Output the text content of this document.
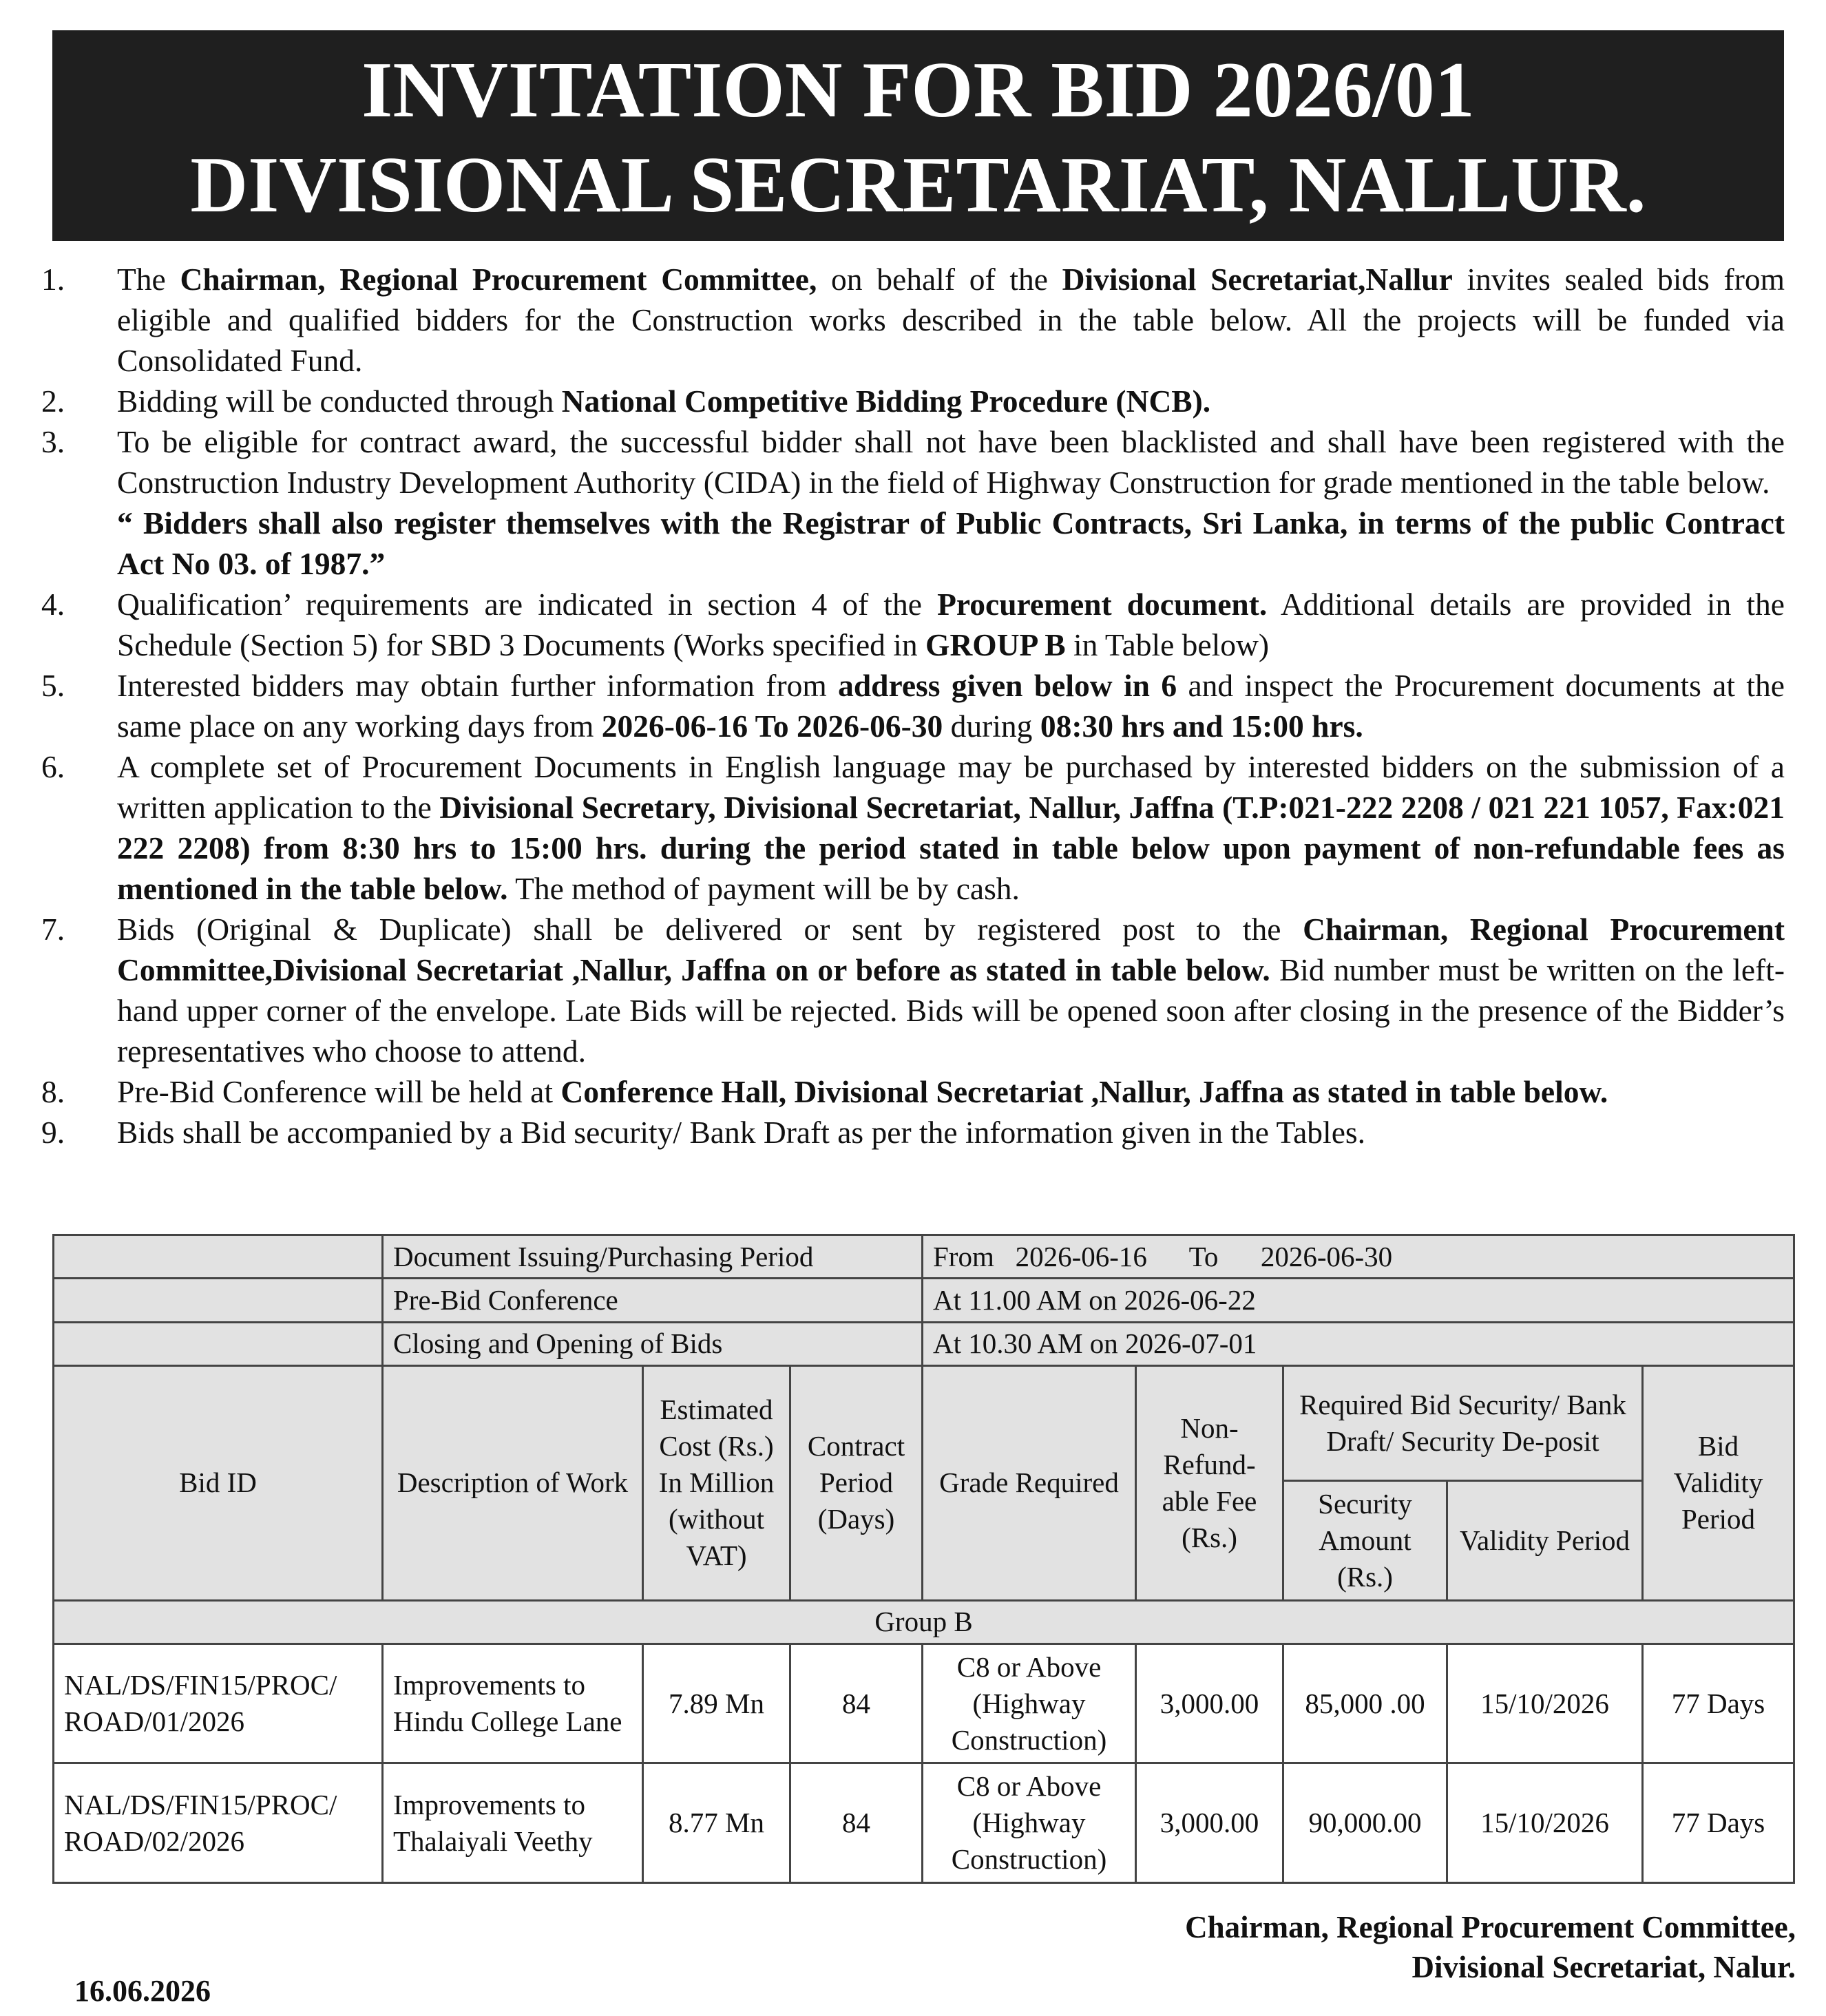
INVITATION FOR BID 2026/01
DIVISIONAL SECRETARIAT, NALLUR.
1.	The Chairman, Regional Procurement Committee, on behalf of the Divisional Secretariat,Nallur invites sealed bids from eligible and qualified bidders for the Construction works described in the table below. All the projects will be funded via Consolidated Fund.
2.	Bidding will be conducted through National Competitive Bidding Procedure (NCB).
3.	To be eligible for contract award, the successful bidder shall not have been blacklisted and shall have been registered with the Construction Industry Development Authority (CIDA) in the field of Highway Construction for grade mentioned in the table below.
“ Bidders shall also register themselves with the Registrar of Public Contracts, Sri Lanka, in terms of the public Contract Act No 03. of 1987.”
4.	Qualification’ requirements are indicated in section 4 of the Procurement document. Additional details are provided in the Schedule (Section 5) for SBD 3 Documents (Works specified in GROUP B in Table below)
5.	Interested bidders may obtain further information from address given below in 6 and inspect the Procurement documents at the same place on any working days from 2026-06-16 To 2026-06-30 during 08:30 hrs and 15:00 hrs.
6.	A complete set of Procurement Documents in English language may be purchased by interested bidders on the submission of a written application to the Divisional Secretary, Divisional Secretariat, Nallur, Jaffna (T.P:021-222 2208 / 021 221 1057, Fax:021 222 2208) from 8:30 hrs to 15:00 hrs. during the period stated in table below upon payment of non-refundable fees as mentioned in the table below. The method of payment will be by cash.
7.	Bids (Original & Duplicate) shall be delivered or sent by registered post to the Chairman, Regional Procurement Committee,Divisional Secretariat ,Nallur, Jaffna on or before as stated in table below. Bid number must be written on the left-hand upper corner of the envelope. Late Bids will be rejected. Bids will be opened soon after closing in the presence of the Bidder’s representatives who choose to attend.
8.	Pre-Bid Conference will be held at Conference Hall, Divisional Secretariat ,Nallur, Jaffna as stated in table below.
9.	Bids shall be accompanied by a Bid security/ Bank Draft as per the information given in the Tables.
	Document Issuing/Purchasing Period			From   2026-06-16      To      2026-06-30				
	Pre-Bid Conference			At 11.00 AM on 2026-06-22				
	Closing and Opening of Bids			At 10.30 AM on 2026-07-01				
Bid ID	Description of Work	Estimated Cost (Rs.) In Million (without VAT)	Contract Period (Days)	Grade Required	Non-Refund-able Fee (Rs.)	Required Bid Security/ Bank Draft/ Security De-posit		Bid Validity Period
						Security Amount (Rs.)	Validity Period	
Group B								
NAL/DS/FIN15/PROC/ ROAD/01/2026	Improvements to Hindu College Lane	7.89 Mn	84	C8 or Above (Highway Construction)	3,000.00	85,000 .00	15/10/2026	77 Days
NAL/DS/FIN15/PROC/ ROAD/02/2026	Improvements to Thalaiyali Veethy	8.77 Mn	84	C8 or Above (Highway Construction)	3,000.00	90,000.00	15/10/2026	77 Days
Chairman, Regional Procurement Committee,
Divisional Secretariat, Nalur.
16.06.2026
